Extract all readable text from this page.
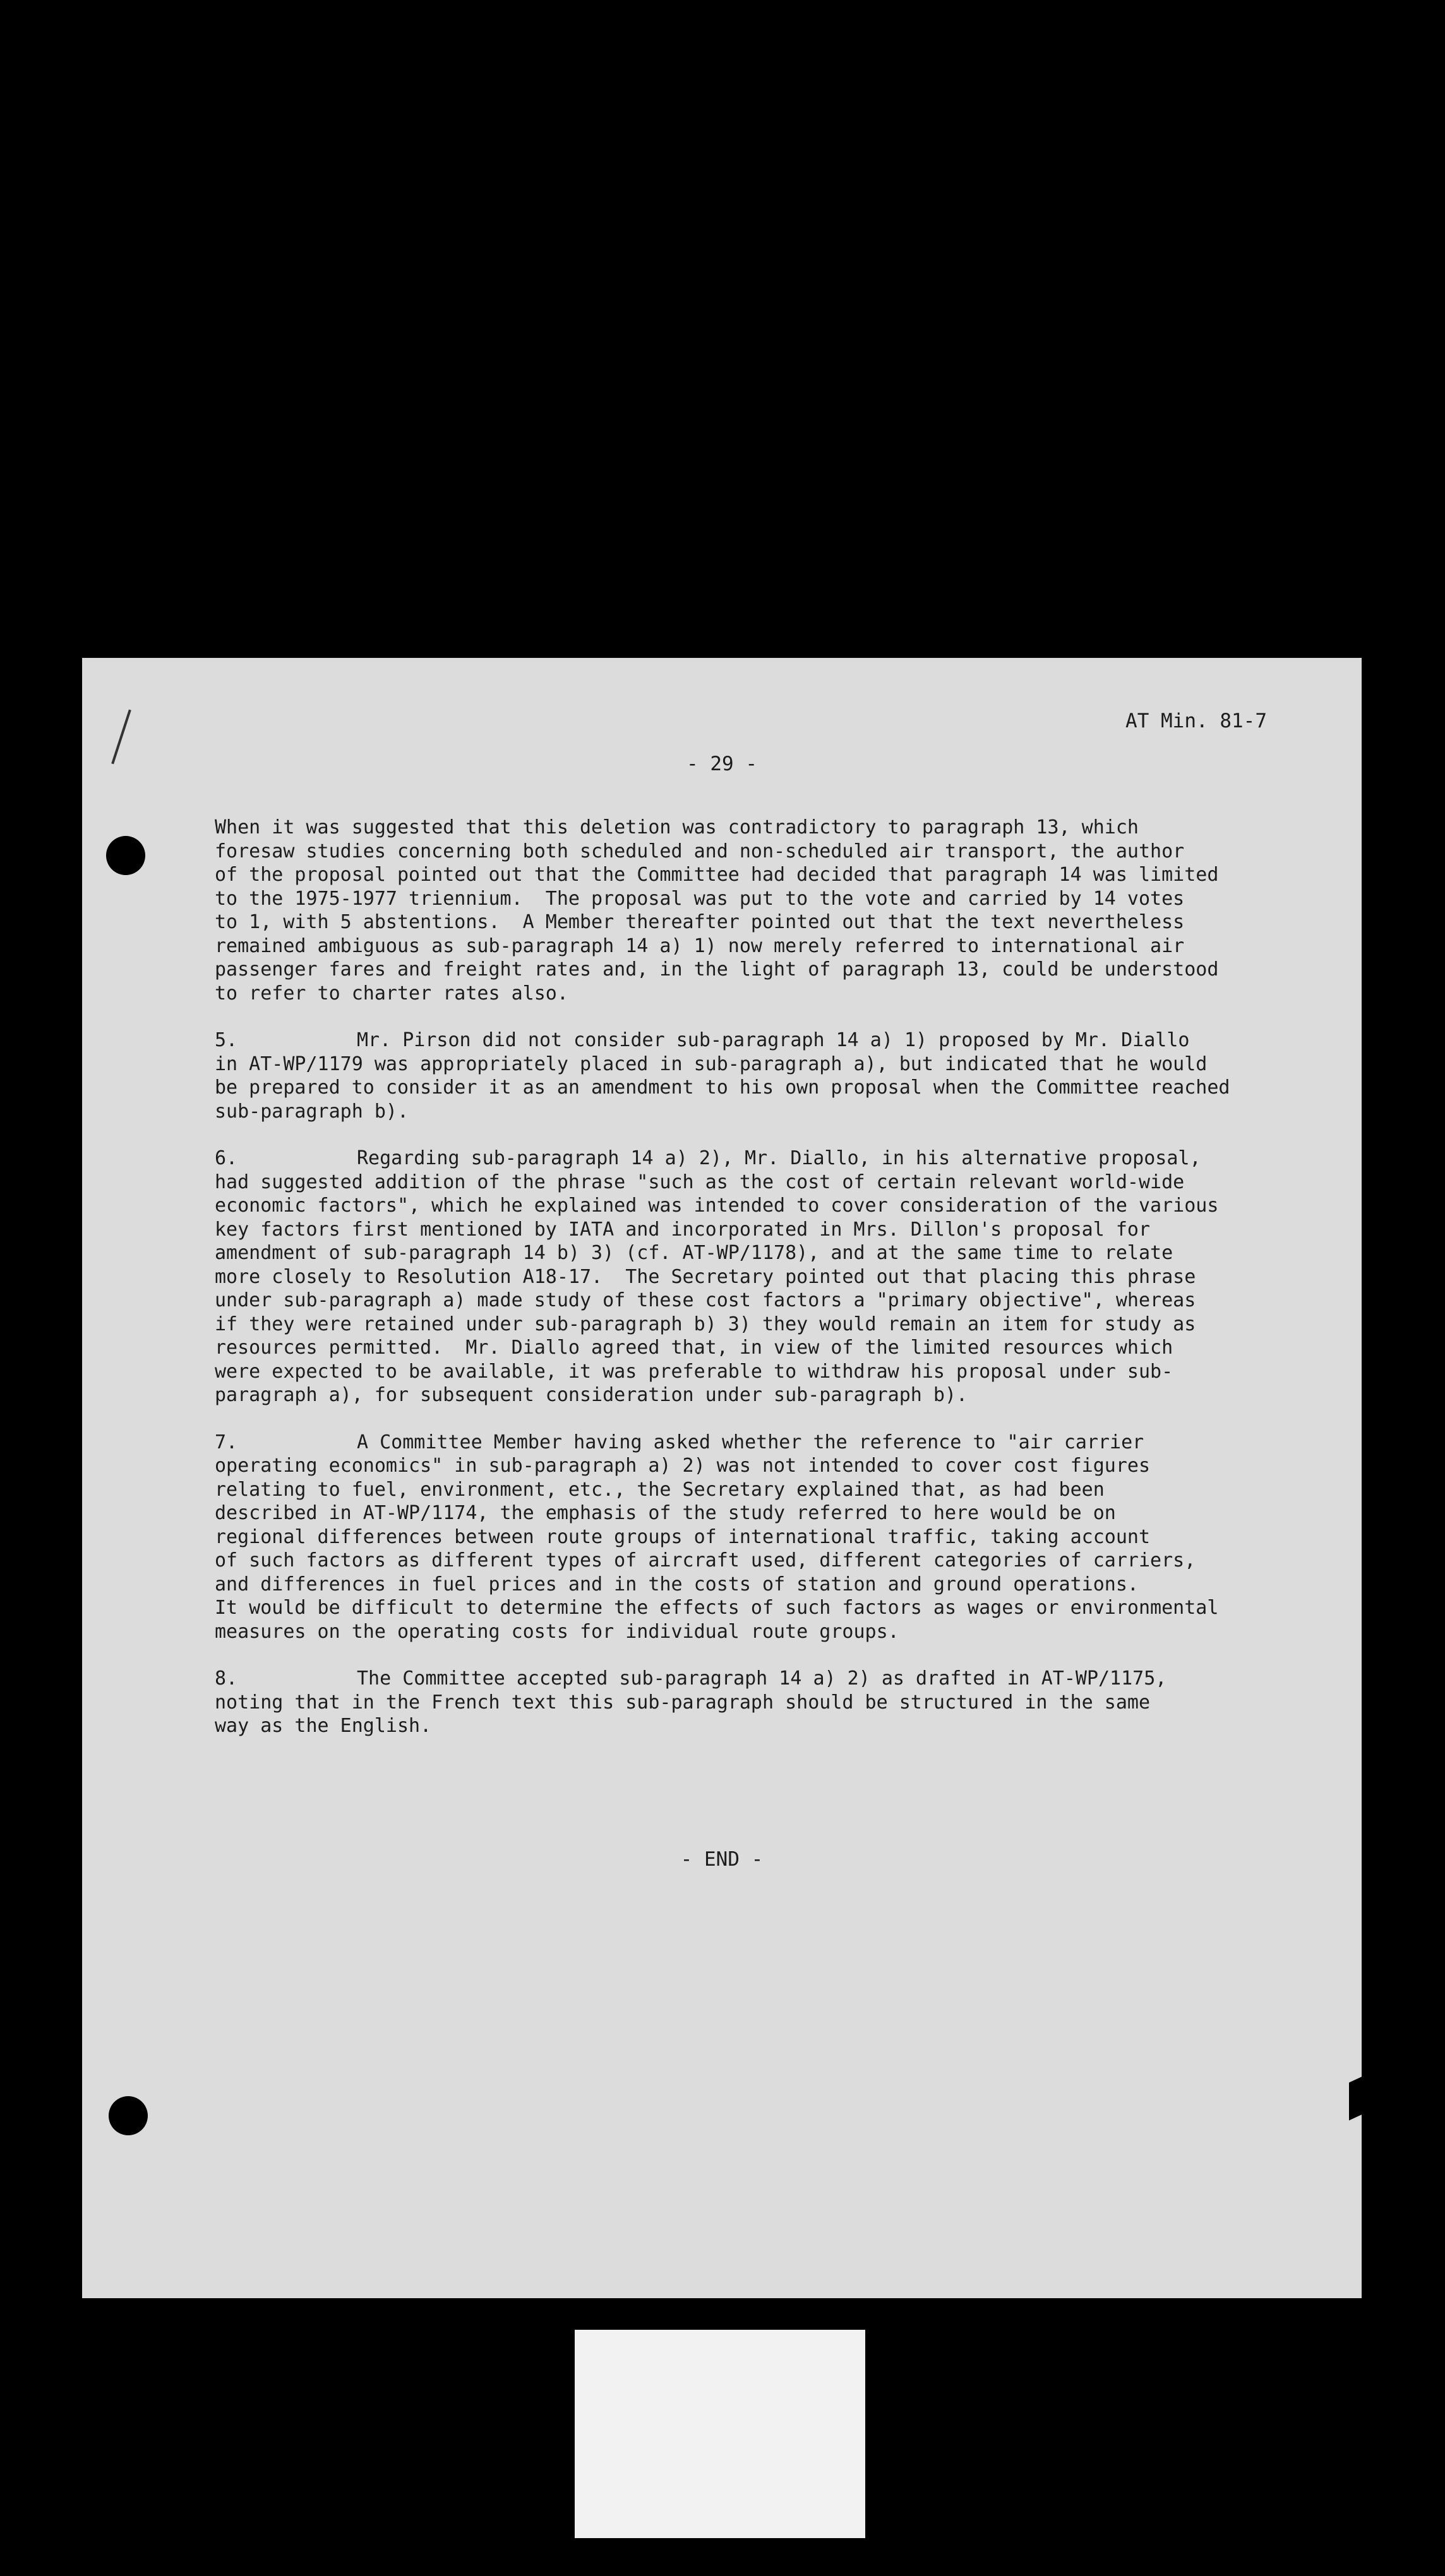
AT Min. 81-7
- 29 -
When it was suggested that this deletion was contradictory to paragraph 13, which
foresaw studies concerning both scheduled and non-scheduled air transport, the author
of the proposal pointed out that the Committee had decided that paragraph 14 was limited
to the 1975-1977 triennium.  The proposal was put to the vote and carried by 14 votes
to 1, with 5 abstentions.  A Member thereafter pointed out that the text nevertheless
remained ambiguous as sub-paragraph 14 a) 1) now merely referred to international air
passenger fares and freight rates and, in the light of paragraph 13, could be understood
to refer to charter rates also.
5.	Mr. Pirson did not consider sub-paragraph 14 a) 1) proposed by Mr. Diallo
in AT-WP/1179 was appropriately placed in sub-paragraph a), but indicated that he would
be prepared to consider it as an amendment to his own proposal when the Committee reached
sub-paragraph b).
6.	Regarding sub-paragraph 14 a) 2), Mr. Diallo, in his alternative proposal,
had suggested addition of the phrase "such as the cost of certain relevant world-wide
economic factors", which he explained was intended to cover consideration of the various
key factors first mentioned by IATA and incorporated in Mrs. Dillon's proposal for
amendment of sub-paragraph 14 b) 3) (cf. AT-WP/1178), and at the same time to relate
more closely to Resolution A18-17.  The Secretary pointed out that placing this phrase
under sub-paragraph a) made study of these cost factors a "primary objective", whereas
if they were retained under sub-paragraph b) 3) they would remain an item for study as
resources permitted.  Mr. Diallo agreed that, in view of the limited resources which
were expected to be available, it was preferable to withdraw his proposal under sub-
paragraph a), for subsequent consideration under sub-paragraph b).
7.	A Committee Member having asked whether the reference to "air carrier
operating economics" in sub-paragraph a) 2) was not intended to cover cost figures
relating to fuel, environment, etc., the Secretary explained that, as had been
described in AT-WP/1174, the emphasis of the study referred to here would be on
regional differences between route groups of international traffic, taking account
of such factors as different types of aircraft used, different categories of carriers,
and differences in fuel prices and in the costs of station and ground operations.
It would be difficult to determine the effects of such factors as wages or environmental
measures on the operating costs for individual route groups.
8.	The Committee accepted sub-paragraph 14 a) 2) as drafted in AT-WP/1175,
noting that in the French text this sub-paragraph should be structured in the same
way as the English.
- END -
